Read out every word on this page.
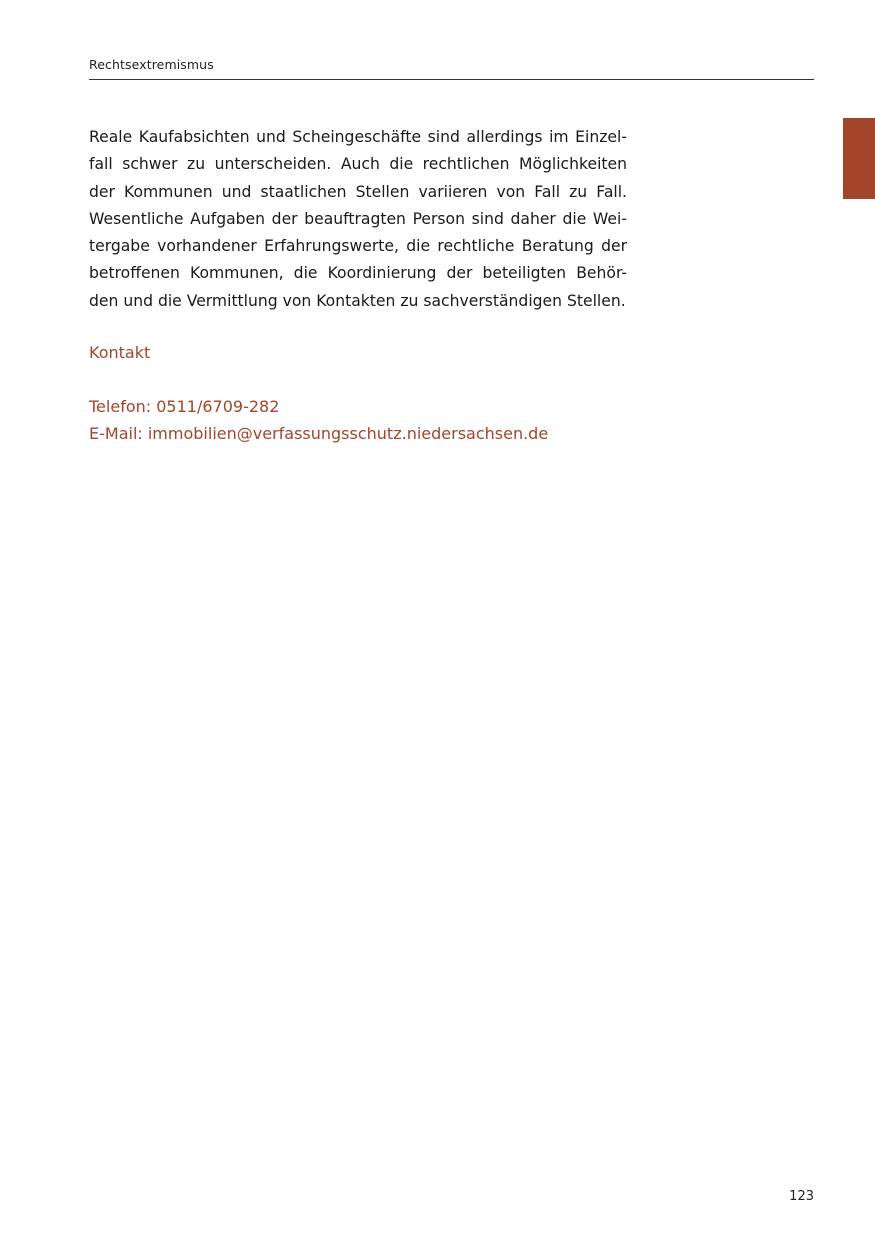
Rechtsextremismus
Reale Kaufabsichten und Scheingeschäfte sind allerdings im Einzel-
fall schwer zu unterscheiden. Auch die rechtlichen Möglichkeiten
der Kommunen und staatlichen Stellen variieren von Fall zu Fall.
Wesentliche Aufgaben der beauftragten Person sind daher die Wei-
tergabe vorhandener Erfahrungswerte, die rechtliche Beratung der
betroffenen Kommunen, die Koordinierung der beteiligten Behör-
den und die Vermittlung von Kontakten zu sachverständigen Stellen.
Kontakt
Telefon: 0511/6709-282
E-Mail: immobilien@verfassungsschutz.niedersachsen.de
123
